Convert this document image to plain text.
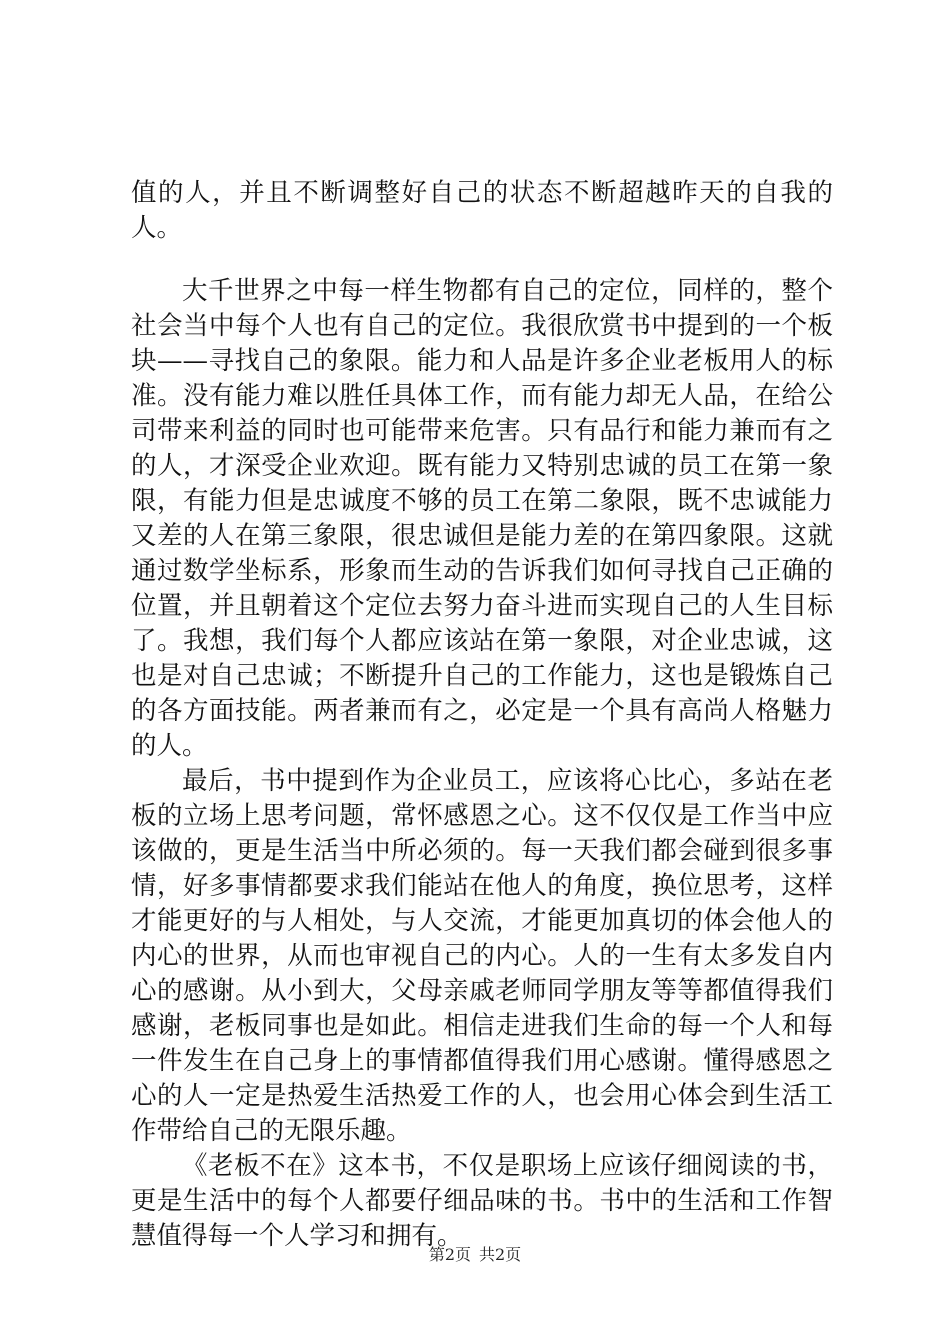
值的人，并且不断调整好自己的状态不断超越昨天的自我的人。

大千世界之中每一样生物都有自己的定位，同样的，整个社会当中每个人也有自己的定位。我很欣赏书中提到的一个板块——寻找自己的象限。能力和人品是许多企业老板用人的标准。没有能力难以胜任具体工作，而有能力却无人品，在给公司带来利益的同时也可能带来危害。只有品行和能力兼而有之的人，才深受企业欢迎。既有能力又特别忠诚的员工在第一象限，有能力但是忠诚度不够的员工在第二象限，既不忠诚能力又差的人在第三象限，很忠诚但是能力差的在第四象限。这就通过数学坐标系，形象而生动的告诉我们如何寻找自己正确的位置，并且朝着这个定位去努力奋斗进而实现自己的人生目标了。我想，我们每个人都应该站在第一象限，对企业忠诚，这也是对自己忠诚；不断提升自己的工作能力，这也是锻炼自己的各方面技能。两者兼而有之，必定是一个具有高尚人格魅力的人。

最后，书中提到作为企业员工，应该将心比心，多站在老板的立场上思考问题，常怀感恩之心。这不仅仅是工作当中应该做的，更是生活当中所必须的。每一天我们都会碰到很多事情，好多事情都要求我们能站在他人的角度，换位思考，这样才能更好的与人相处，与人交流，才能更加真切的体会他人的内心的世界，从而也审视自己的内心。人的一生有太多发自内心的感谢。从小到大，父母亲戚老师同学朋友等等都值得我们感谢，老板同事也是如此。相信走进我们生命的每一个人和每一件发生在自己身上的事情都值得我们用心感谢。懂得感恩之心的人一定是热爱生活热爱工作的人，也会用心体会到生活工作带给自己的无限乐趣。

《老板不在》这本书，不仅是职场上应该仔细阅读的书，更是生活中的每个人都要仔细品味的书。书中的生活和工作智慧值得每一个人学习和拥有。

第2页 共2页
